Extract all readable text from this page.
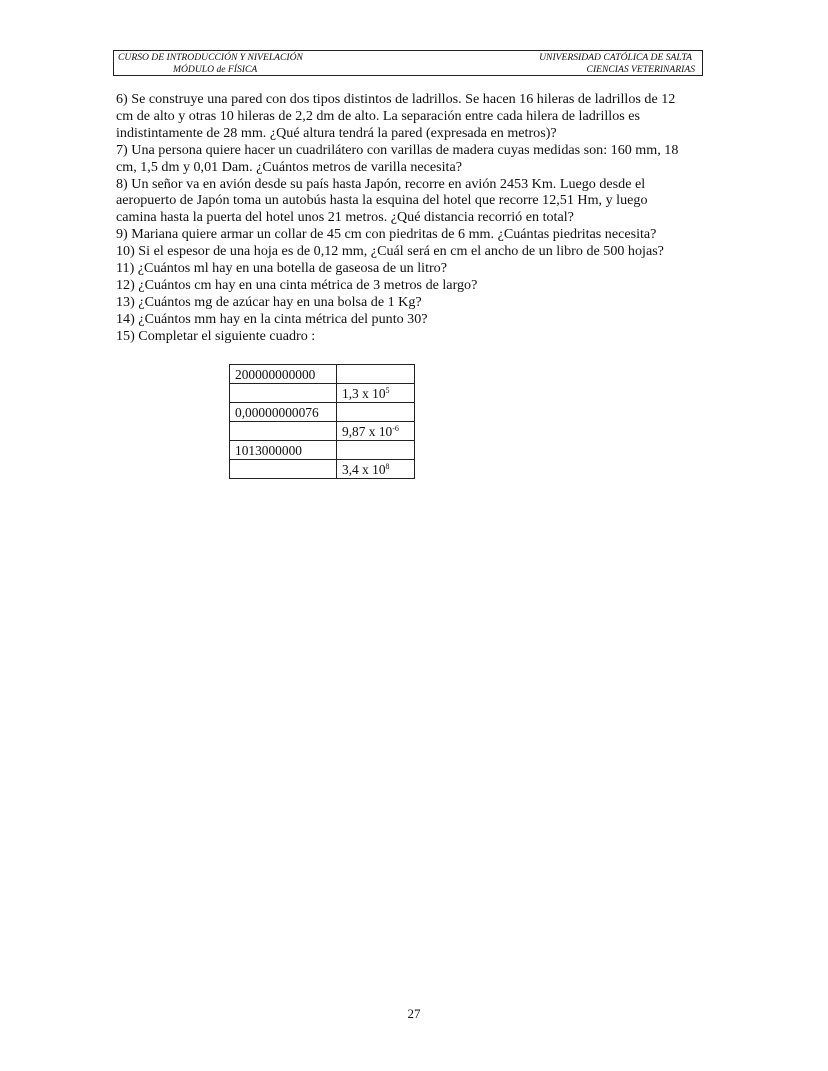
CURSO DE INTRODUCCIÓN Y NIVELACIÓN
MÓDULO de FÍSICA
UNIVERSIDAD CATÓLICA DE SALTA
CIENCIAS VETERINARIAS
6) Se construye una pared con dos tipos distintos de ladrillos. Se hacen 16 hileras de ladrillos de 12
cm de alto y otras 10 hileras de 2,2 dm de alto. La separación entre cada hilera de ladrillos es
indistintamente de 28 mm. ¿Qué altura tendrá la pared (expresada en metros)?
7) Una persona quiere hacer un cuadrilátero con varillas de madera cuyas medidas son: 160 mm, 18
cm, 1,5 dm y 0,01 Dam. ¿Cuántos metros de varilla necesita?
8) Un señor va en avión desde su país hasta Japón, recorre en avión 2453 Km. Luego desde el
aeropuerto de Japón toma un autobús hasta la esquina del hotel que recorre 12,51 Hm, y luego
camina hasta la puerta del hotel unos 21 metros. ¿Qué distancia recorrió en total?
9) Mariana quiere armar un collar de 45 cm con piedritas de 6 mm. ¿Cuántas piedritas necesita?
10) Si el espesor de una hoja es de 0,12 mm, ¿Cuál será en cm el ancho de un libro de 500 hojas?
11) ¿Cuántos ml hay en una botella de gaseosa de un litro?
12) ¿Cuántos cm hay en una cinta métrica de 3 metros de largo?
13) ¿Cuántos mg de azúcar hay en una bolsa de 1 Kg?
14) ¿Cuántos mm hay en la cinta métrica del punto 30?
15) Completar el siguiente cuadro :
200000000000	
	1,3 x $10^5$
0,00000000076	
	9,87 x $10^{-6}$
1013000000	
	3,4 x $10^8$
27
